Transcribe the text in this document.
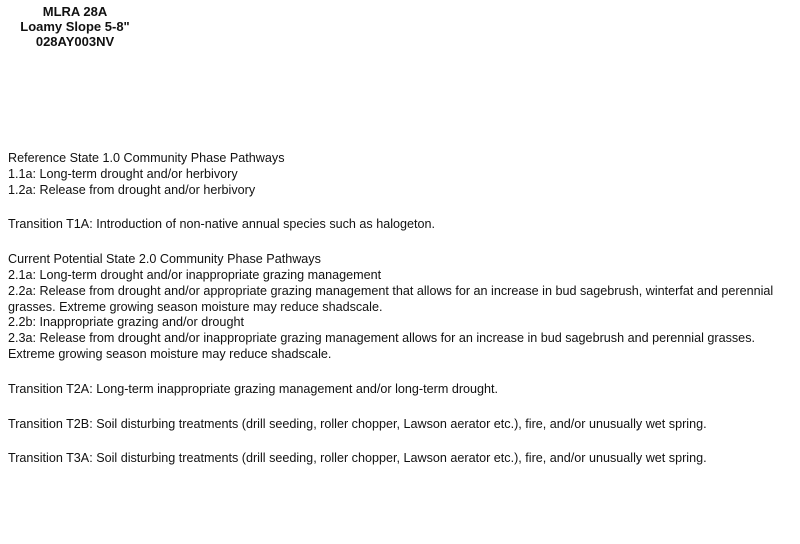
MLRA 28A
Loamy Slope 5-8"
028AY003NV
Reference State 1.0 Community Phase Pathways
1.1a: Long-term drought and/or herbivory
1.2a: Release from drought and/or herbivory
Transition T1A: Introduction of non-native annual species such as halogeton.
Current Potential State 2.0 Community Phase Pathways
2.1a: Long-term drought and/or inappropriate grazing management
2.2a: Release from drought and/or appropriate grazing management that allows for an increase in bud sagebrush, winterfat and perennial grasses. Extreme growing season moisture may reduce shadscale.
2.2b: Inappropriate grazing and/or drought
2.3a: Release from drought and/or inappropriate grazing management allows for an increase in bud sagebrush and perennial grasses. Extreme growing season moisture may reduce shadscale.
Transition T2A: Long-term inappropriate grazing management and/or long-term drought.
Transition T2B: Soil disturbing treatments (drill seeding, roller chopper, Lawson aerator etc.), fire, and/or unusually wet spring.
Transition T3A: Soil disturbing treatments (drill seeding, roller chopper, Lawson aerator etc.), fire, and/or unusually wet spring.
